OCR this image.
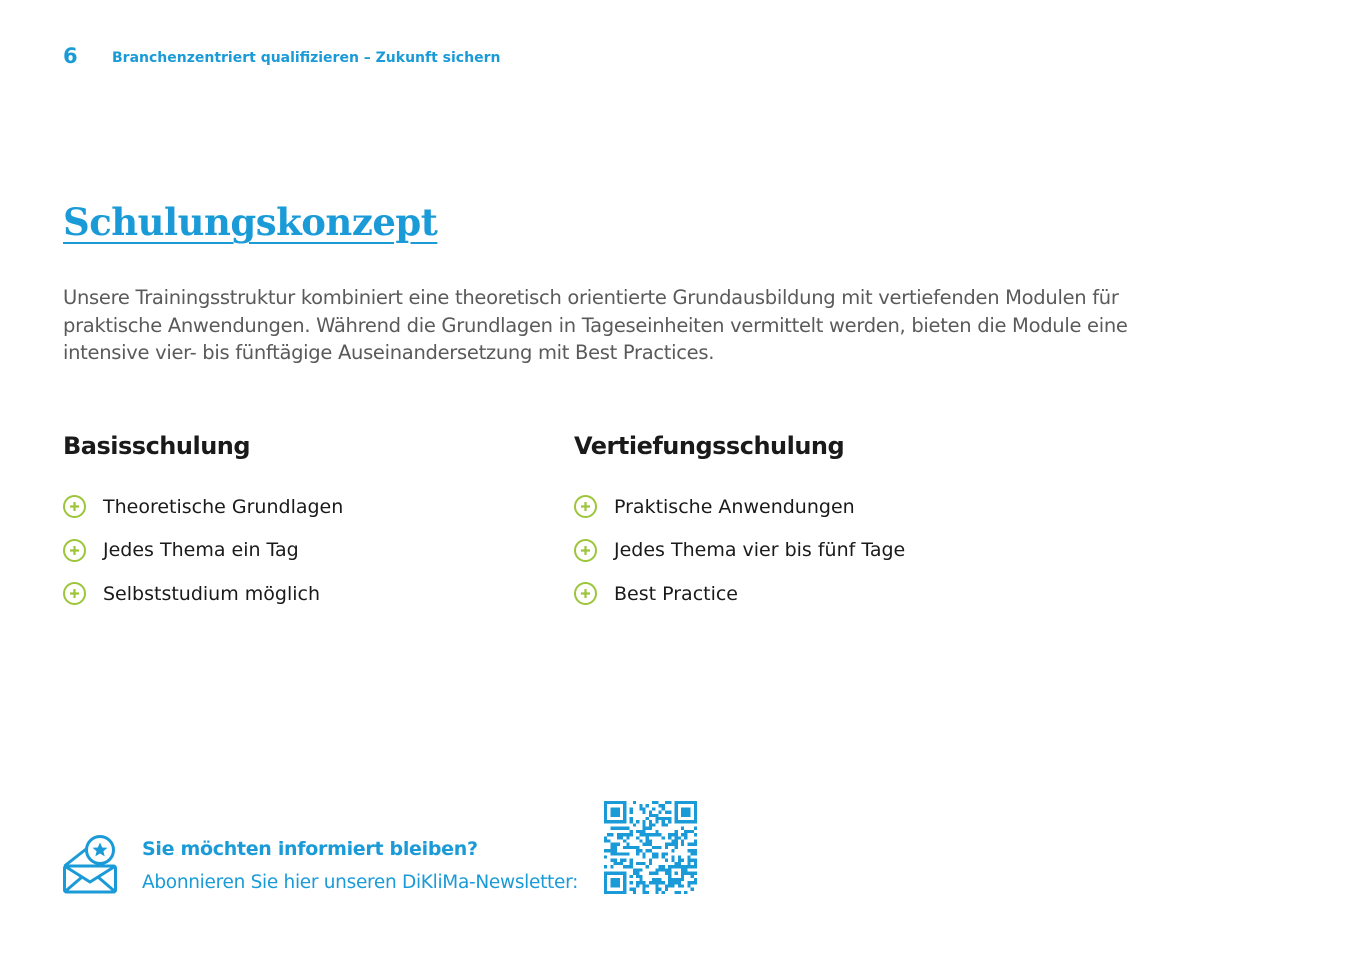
6 Branchenzentriert qualifizieren – Zukunft sichern
Schulungskonzept

Unsere Trainingsstruktur kombiniert eine theoretisch orientierte Grundausbildung mit vertiefenden Modulen für praktische Anwendungen. Während die Grundlagen in Tageseinheiten vermittelt werden, bieten die Module eine intensive vier- bis fünftägige Auseinandersetzung mit Best Practices.

Basisschulung
Theoretische Grundlagen
Jedes Thema ein Tag
Selbststudium möglich
Vertiefungsschulung
Praktische Anwendungen
Jedes Thema vier bis fünf Tage
Best Practice

Sie möchten informiert bleiben?

Abonnieren Sie hier unseren DiKliMa-Newsletter:
